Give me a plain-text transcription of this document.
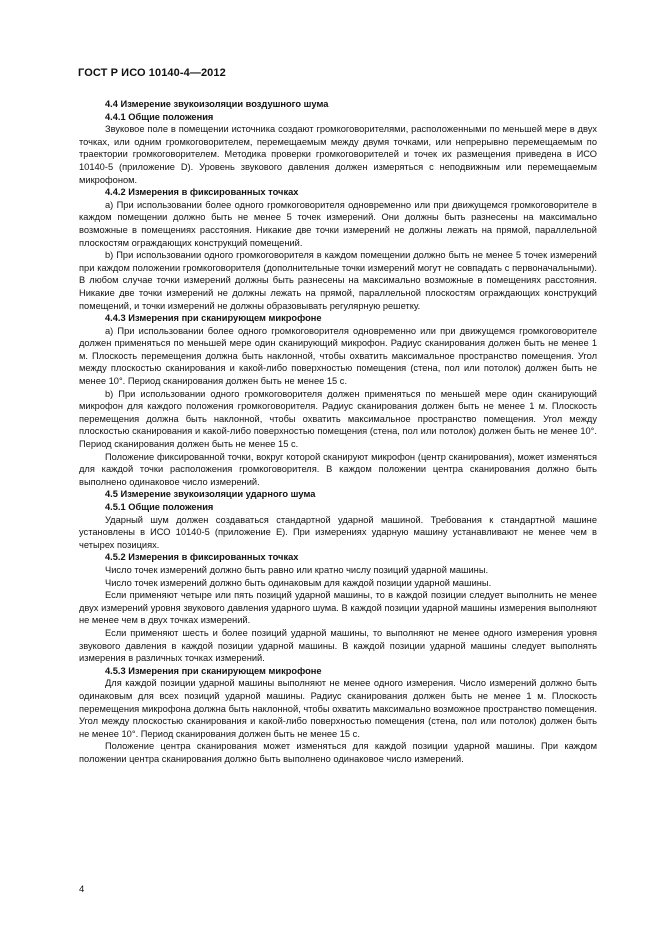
ГОСТ Р ИСО 10140-4—2012

4.4 Измерение звукоизоляции воздушного шума

4.4.1 Общие положения

Звуковое поле в помещении источника создают громкоговорителями, расположенными по меньшей мере в двух точках, или одним громкоговорителем, перемещаемым между двумя точками, или непрерывно перемещаемым по траектории громкоговорителем. Методика проверки громкоговорителей и точек их размещения приведена в ИСО 10140-5 (приложение D). Уровень звукового давления должен измеряться с неподвижным или перемещаемым микрофоном.

4.4.2 Измерения в фиксированных точках

a) При использовании более одного громкоговорителя одновременно или при движущемся громкоговорителе в каждом помещении должно быть не менее 5 точек измерений. Они должны быть разнесены на максимально возможные в помещениях расстояния. Никакие две точки измерений не должны лежать на прямой, параллельной плоскостям ограждающих конструкций помещений.

b) При использовании одного громкоговорителя в каждом помещении должно быть не менее 5 точек измерений при каждом положении громкоговорителя (дополнительные точки измерений могут не совпадать с первоначальными). В любом случае точки измерений должны быть разнесены на максимально возможные в помещениях расстояния. Никакие две точки измерений не должны лежать на прямой, параллельной плоскостям ограждающих конструкций помещений, и точки измерений не должны образовывать регулярную решетку.

4.4.3 Измерения при сканирующем микрофоне

a) При использовании более одного громкоговорителя одновременно или при движущемся громкоговорителе должен применяться по меньшей мере один сканирующий микрофон. Радиус сканирования должен быть не менее 1 м. Плоскость перемещения должна быть наклонной, чтобы охватить максимальное пространство помещения. Угол между плоскостью сканирования и какой-либо поверхностью помещения (стена, пол или потолок) должен быть не менее 10°. Период сканирования должен быть не менее 15 с.

b) При использовании одного громкоговорителя должен применяться по меньшей мере один сканирующий микрофон для каждого положения громкоговорителя. Радиус сканирования должен быть не менее 1 м. Плоскость перемещения должна быть наклонной, чтобы охватить максимальное пространство помещения. Угол между плоскостью сканирования и какой-либо поверхностью помещения (стена, пол или потолок) должен быть не менее 10°. Период сканирования должен быть не менее 15 с.

Положение фиксированной точки, вокруг которой сканируют микрофон (центр сканирования), может изменяться для каждой точки расположения громкоговорителя. В каждом положении центра сканирования должно быть выполнено одинаковое число измерений.

4.5 Измерение звукоизоляции ударного шума

4.5.1 Общие положения

Ударный шум должен создаваться стандартной ударной машиной. Требования к стандартной машине установлены в ИСО 10140-5 (приложение Е). При измерениях ударную машину устанавливают не менее чем в четырех позициях.

4.5.2 Измерения в фиксированных точках

Число точек измерений должно быть равно или кратно числу позиций ударной машины.

Число точек измерений должно быть одинаковым для каждой позиции ударной машины.

Если применяют четыре или пять позиций ударной машины, то в каждой позиции следует выполнить не менее двух измерений уровня звукового давления ударного шума. В каждой позиции ударной машины измерения выполняют не менее чем в двух точках измерений.

Если применяют шесть и более позиций ударной машины, то выполняют не менее одного измерения уровня звукового давления в каждой позиции ударной машины. В каждой позиции ударной машины следует выполнять измерения в различных точках измерений.

4.5.3 Измерения при сканирующем микрофоне

Для каждой позиции ударной машины выполняют не менее одного измерения. Число измерений должно быть одинаковым для всех позиций ударной машины. Радиус сканирования должен быть не менее 1 м. Плоскость перемещения микрофона должна быть наклонной, чтобы охватить максимально возможное пространство помещения. Угол между плоскостью сканирования и какой-либо поверхностью помещения (стена, пол или потолок) должен быть не менее 10°. Период сканирования должен быть не менее 15 с.

Положение центра сканирования может изменяться для каждой позиции ударной машины. При каждом положении центра сканирования должно быть выполнено одинаковое число измерений.

4
